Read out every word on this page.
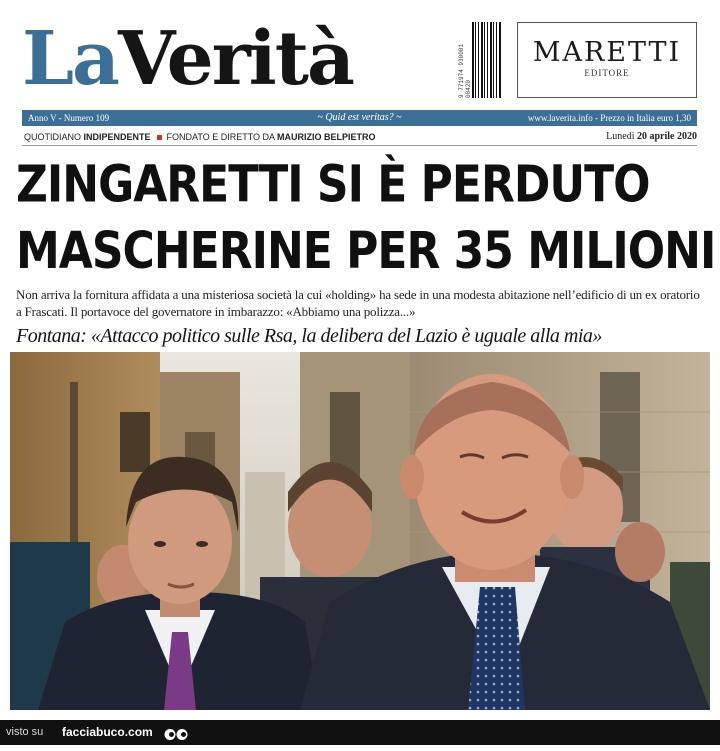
LaVerità	9 771974 930001 00420
MARETTI
EDITORE
Anno V - Numero 109	~ Quid est veritas? ~	www.laverita.info - Prezzo in Italia euro 1,30
QUOTIDIANO INDIPENDENTE FONDATO E DIRETTO DA MAURIZIO BELPIETRO	Lunedì 20 aprile 2020
ZINGARETTI SI È PERDUTO
MASCHERINE PER 35 MILIONI
Non arriva la fornitura affidata a una misteriosa società la cui «holding» ha sede in una modesta abitazione nell’edificio di un ex oratorio a Frascati. Il portavoce del governatore in imbarazzo: «Abbiamo una polizza...»
Fontana: «Attacco politico sulle Rsa, la delibera del Lazio è uguale alla mia»
visto su facciabuco.com
